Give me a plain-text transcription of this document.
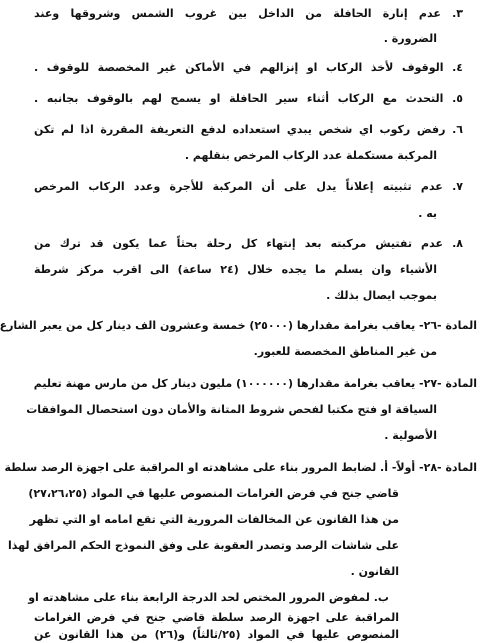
٣. عدم إنارة الحافلة من الداخل بين غروب الشمس وشروقها وعند
الضرورة .
٤. الوقوف لأخذ الركاب او إنزالهم في الأماكن غير المخصصة للوقوف .
٥. التحدث مع الركاب أثناء سير الحافلة او يسمح لهم بالوقوف بجانبه .
٦. رفض ركوب اي شخص يبدي استعداده لدفع التعريفة المقررة اذا لم تكن
المركبة مستكملة عدد الركاب المرخص بنقلهم .
٧. عدم تثبيته إعلاناً يدل على أن المركبة للأجرة وعدد الركاب المرخص
به .
٨. عدم تفتيش مركبته بعد إنتهاء كل رحلة بحثاً عما يكون قد ترك من
الأشياء وان يسلم ما يجده خلال (٢٤ ساعة) الى اقرب مركز شرطة
بموجب ايصال بذلك .
المادة -٢٦- يعاقب بغرامة مقدارها (٢٥٠٠٠) خمسة وعشرون الف دينار كل من يعبر الشارع
من غير المناطق المخصصة للعبور.
المادة -٢٧- يعاقب بغرامة مقدارها (١٠٠٠٠٠٠) مليون دينار كل من مارس مهنة تعليم
السياقة او فتح مكتبا لفحص شروط المتانة والأمان دون استحصال الموافقات
الأصولية .
المادة -٢٨- أولاً- أ. لضابط المرور بناء على مشاهدته او المراقبة على اجهزة الرصد سلطة
قاضي جنح في فرض الغرامات المنصوص عليها في المواد (٢٧،٢٦،٢٥)
من هذا القانون عن المخالفات المرورية التي تقع امامه او التي تظهر
على شاشات الرصد وتصدر العقوبة على وفق النموذج الحكم المرافق لهذا
القانون .
ب. لمفوض المرور المختص لحد الدرجة الرابعة بناء على مشاهدته او
المراقبة على اجهزة الرصد سلطة قاضي جنح في فرض الغرامات
المنصوص عليها في المواد (٢٥/ثالثاً) و(٢٦) من هذا القانون عن
